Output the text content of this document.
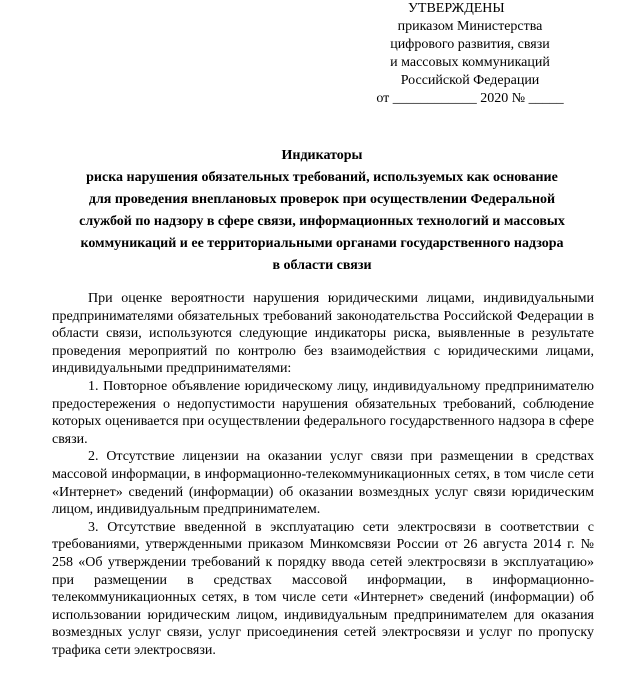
УТВЕРЖДЕНЫ
приказом Министерства
цифрового развития, связи
и массовых коммуникаций
Российской Федерации
от ____________ 2020 № _____
Индикаторы
риска нарушения обязательных требований, используемых как основание
для проведения внеплановых проверок при осуществлении Федеральной
службой по надзору в сфере связи, информационных технологий и массовых
коммуникаций и ее территориальными органами государственного надзора
в области связи

При оценке вероятности нарушения юридическими лицами, индивидуальными предпринимателями обязательных требований законодательства Российской Федерации в области связи, используются следующие индикаторы риска, выявленные в результате проведения мероприятий по контролю без взаимодействия с юридическими лицами, индивидуальными предпринимателями:

1. Повторное объявление юридическому лицу, индивидуальному предпринимателю предостережения о недопустимости нарушения обязательных требований, соблюдение которых оценивается при осуществлении федерального государственного надзора в сфере связи.

2. Отсутствие лицензии на оказании услуг связи при размещении в средствах массовой информации, в информационно-телекоммуникационных сетях, в том числе сети «Интернет» сведений (информации) об оказании возмездных услуг связи юридическим лицом, индивидуальным предпринимателем.

3. Отсутствие введенной в эксплуатацию сети электросвязи в соответствии с требованиями, утвержденными приказом Минкомсвязи России от 26 августа 2014 г. № 258 «Об утверждении требований к порядку ввода сетей электросвязи в эксплуатацию» при размещении в средствах массовой информации, в информационно-телекоммуникационных сетях, в том числе сети «Интернет» сведений (информации) об использовании юридическим лицом, индивидуальным предпринимателем для оказания возмездных услуг связи, услуг присоединения сетей электросвязи и услуг по пропуску трафика сети электросвязи.
